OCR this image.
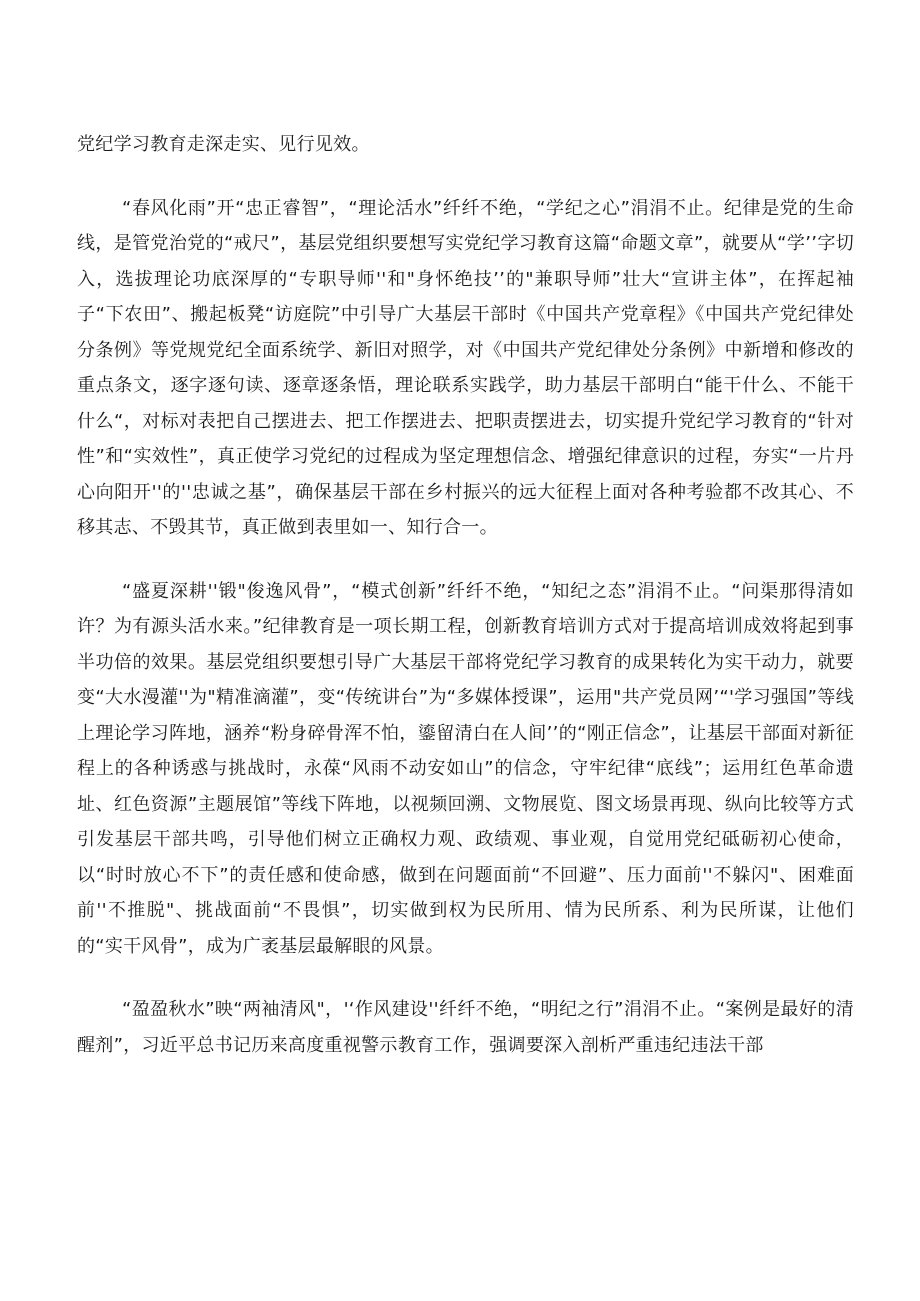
党纪学习教育走深走实、见行见效。

“春风化雨”开“忠正睿智”，“理论活水”纤纤不绝，“学纪之心”涓涓不止。纪律是党的生命线，是管党治党的“戒尺”，基层党组织要想写实党纪学习教育这篇“命题文章”，就要从“学’’字切入，选拔理论功底深厚的“专职导师''和"身怀绝技’’的"兼职导师”壮大“宣讲主体”，在挥起袖子“下农田”、搬起板凳“访庭院”中引导广大基层干部时《中国共产党章程》《中国共产党纪律处分条例》等党规党纪全面系统学、新旧对照学，对《中国共产党纪律处分条例》中新增和修改的重点条文，逐字逐句读、逐章逐条悟，理论联系实践学，助力基层干部明白“能干什么、不能干什么“，对标对表把自己摆进去、把工作摆进去、把职责摆进去，切实提升党纪学习教育的“针对性”和“实效性”，真正使学习党纪的过程成为坚定理想信念、增强纪律意识的过程，夯实“一片丹心向阳开''的''忠诚之基”，确保基层干部在乡村振兴的远大征程上面对各种考验都不改其心、不移其志、不毁其节，真正做到表里如一、知行合一。

“盛夏深耕''锻"俊逸风骨”，“模式创新”纤纤不绝，“知纪之态”涓涓不止。“问渠那得清如许？为有源头活水来。”纪律教育是一项长期工程，创新教育培训方式对于提高培训成效将起到事半功倍的效果。基层党组织要想引导广大基层干部将党纪学习教育的成果转化为实干动力，就要变“大水漫灌''为"精准滴灌”，变“传统讲台”为“多媒体授课”，运用"共产党员网’“'学习强国”等线上理论学习阵地，涵养“粉身碎骨浑不怕，鎏留清白在人间’’的“刚正信念”，让基层干部面对新征程上的各种诱惑与挑战时，永葆“风雨不动安如山”的信念，守牢纪律“底线”；运用红色革命遗址、红色资源”主题展馆”等线下阵地，以视频回溯、文物展览、图文场景再现、纵向比较等方式引发基层干部共鸣，引导他们树立正确权力观、政绩观、事业观，自觉用党纪砥砺初心使命，以“时时放心不下”的责任感和使命感，做到在问题面前“不回避”、压力面前''不躲闪"、困难面前''不推脱"、挑战面前“不畏惧”，切实做到权为民所用、情为民所系、利为民所谋，让他们的“实干风骨”，成为广袤基层最解眼的风景。

“盈盈秋水”映“两袖清风"，'‘作风建设''纤纤不绝，“明纪之行”涓涓不止。“案例是最好的清醒剂”，习近平总书记历来高度重视警示教育工作，强调要深入剖析严重违纪违法干部
